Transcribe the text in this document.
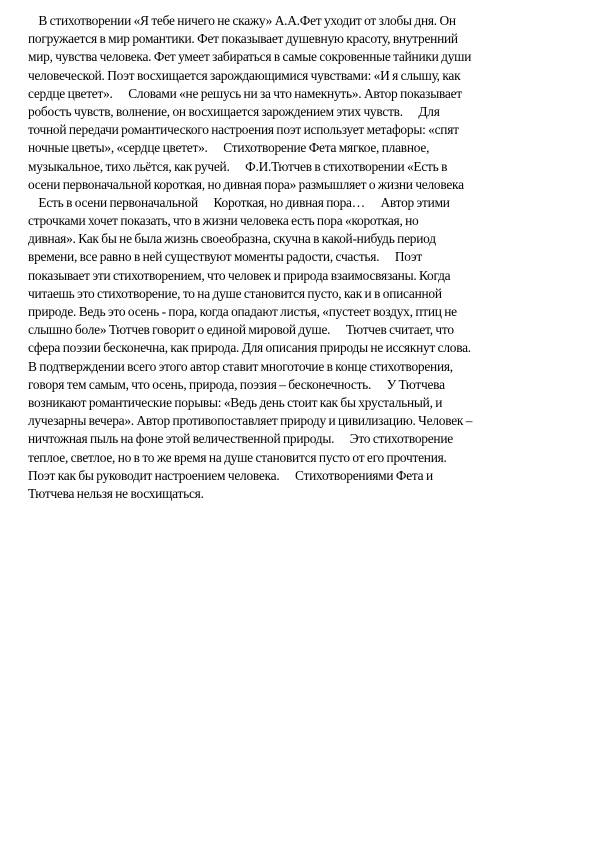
В стихотворении «Я тебе ничего не скажу» А.А.Фет уходит от злобы дня. Он
погружается в мир романтики. Фет показывает душевную красоту, внутренний
мир, чувства человека. Фет умеет забираться в самые сокровенные тайники души
человеческой. Поэт восхищается зарождающимися чувствами: «И я слышу, как
сердце цветет».      Словами «не решусь ни за что намекнуть». Автор показывает
робость чувств, волнение, он восхищается зарождением этих чувств.      Для
точной передачи романтического настроения поэт использует метафоры: «спят
ночные цветы», «сердце цветет».      Стихотворение Фета мягкое, плавное,
музыкальное, тихо льётся, как ручей.      Ф.И.Тютчев в стихотворении «Есть в
осени первоначальной короткая, но дивная пора» размышляет о жизни человека
Есть в осени первоначальной      Короткая, но дивная пора…      Автор этими
строчками хочет показать, что в жизни человека есть пора «короткая, но
дивная». Как бы не была жизнь своеобразна, скучна в какой-нибудь период
времени, все равно в ней существуют моменты радости, счастья.      Поэт
показывает эти стихотворением, что человек и природа взаимосвязаны. Когда
читаешь это стихотворение, то на душе становится пусто, как и в описанной
природе. Ведь это осень - пора, когда опадают листья, «пустеет воздух, птиц не
слышно боле» Тютчев говорит о единой мировой душе.      Тютчев считает, что
сфера поэзии бесконечна, как природа. Для описания природы не иссякнут слова.
В подтверждении всего этого автор ставит многоточие в конце стихотворения,
говоря тем самым, что осень, природа, поэзия – бесконечность.      У Тютчева
возникают романтические порывы: «Ведь день стоит как бы хрустальный, и
лучезарны вечера». Автор противопоставляет природу и цивилизацию. Человек –
ничтожная пыль на фоне этой величественной природы.      Это стихотворение
теплое, светлое, но в то же время на душе становится пусто от его прочтения.
Поэт как бы руководит настроением человека.      Стихотворениями Фета и
Тютчева нельзя не восхищаться.
